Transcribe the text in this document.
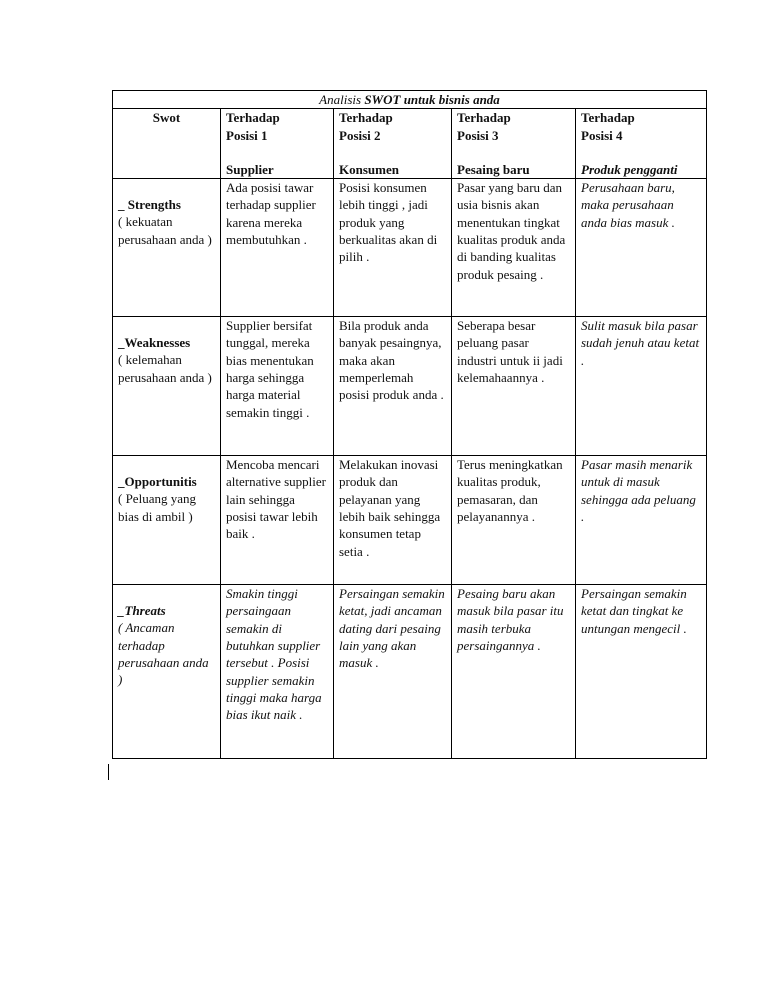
Analisis SWOT untuk bisnis anda				
Swot	Terhadap
Posisi 1
Supplier	Terhadap
Posisi 2
Konsumen	Terhadap
Posisi 3
Pesaing baru	Terhadap
Posisi 4
Produk pengganti

_ Strengths
( kekuatan perusahaan anda )	Ada posisi tawar terhadap supplier karena mereka membutuhkan .	Posisi konsumen lebih tinggi , jadi produk yang berkualitas akan di pilih .	Pasar yang baru dan usia bisnis akan menentukan tingkat kualitas produk anda di banding kualitas produk pesaing .	Perusahaan baru, maka perusahaan anda bias masuk .

_Weaknesses
( kelemahan perusahaan anda )	Supplier bersifat tunggal, mereka bias menentukan harga sehingga harga material semakin tinggi .	Bila produk anda banyak pesaingnya, maka akan memperlemah posisi produk anda .	Seberapa besar peluang pasar industri untuk ii jadi kelemahaannya .	Sulit masuk bila pasar sudah jenuh atau ketat .

_Opportunitis
( Peluang yang bias di ambil )	Mencoba mencari alternative supplier lain sehingga posisi tawar lebih baik .	Melakukan inovasi produk dan pelayanan yang lebih baik sehingga konsumen tetap setia .	Terus meningkatkan kualitas produk, pemasaran, dan pelayanannya .	Pasar masih menarik untuk di masuk sehingga ada peluang .

_Threats
( Ancaman terhadap perusahaan anda )	Smakin tinggi persaingaan semakin di butuhkan supplier tersebut . Posisi supplier semakin tinggi maka harga bias ikut naik .	Persaingan semakin ketat, jadi ancaman dating dari pesaing lain yang akan masuk .	Pesaing baru akan masuk bila pasar itu masih terbuka persaingannya .	Persaingan semakin ketat dan tingkat ke untungan mengecil .
